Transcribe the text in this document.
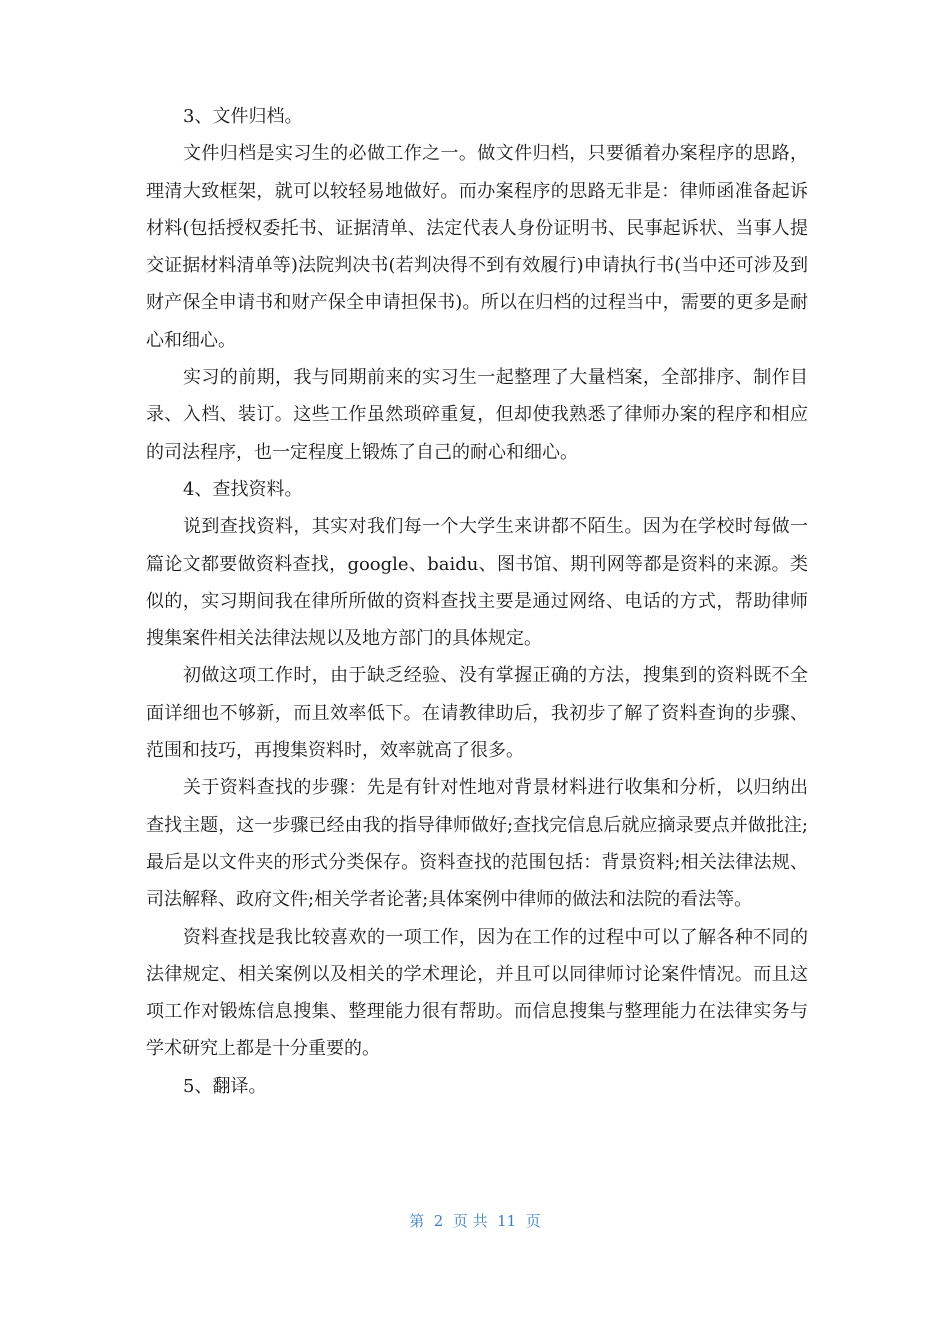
3、文件归档。

文件归档是实习生的必做工作之一。做文件归档，只要循着办案程序的思路，理清大致框架，就可以较轻易地做好。而办案程序的思路无非是：律师函准备起诉材料(包括授权委托书、证据清单、法定代表人身份证明书、民事起诉状、当事人提交证据材料清单等)法院判决书(若判决得不到有效履行)申请执行书(当中还可涉及到财产保全申请书和财产保全申请担保书)。所以在归档的过程当中，需要的更多是耐心和细心。

实习的前期，我与同期前来的实习生一起整理了大量档案，全部排序、制作目录、入档、装订。这些工作虽然琐碎重复，但却使我熟悉了律师办案的程序和相应的司法程序，也一定程度上锻炼了自己的耐心和细心。

4、查找资料。

说到查找资料，其实对我们每一个大学生来讲都不陌生。因为在学校时每做一篇论文都要做资料查找，google、baidu、图书馆、期刊网等都是资料的来源。类似的，实习期间我在律所所做的资料查找主要是通过网络、电话的方式，帮助律师搜集案件相关法律法规以及地方部门的具体规定。

初做这项工作时，由于缺乏经验、没有掌握正确的方法，搜集到的资料既不全面详细也不够新，而且效率低下。在请教律助后，我初步了解了资料查询的步骤、范围和技巧，再搜集资料时，效率就高了很多。

关于资料查找的步骤：先是有针对性地对背景材料进行收集和分析，以归纳出查找主题，这一步骤已经由我的指导律师做好;查找完信息后就应摘录要点并做批注;最后是以文件夹的形式分类保存。资料查找的范围包括：背景资料;相关法律法规、司法解释、政府文件;相关学者论著;具体案例中律师的做法和法院的看法等。

资料查找是我比较喜欢的一项工作，因为在工作的过程中可以了解各种不同的法律规定、相关案例以及相关的学术理论，并且可以同律师讨论案件情况。而且这项工作对锻炼信息搜集、整理能力很有帮助。而信息搜集与整理能力在法律实务与学术研究上都是十分重要的。

5、翻译。

第  2  页 共  11  页
